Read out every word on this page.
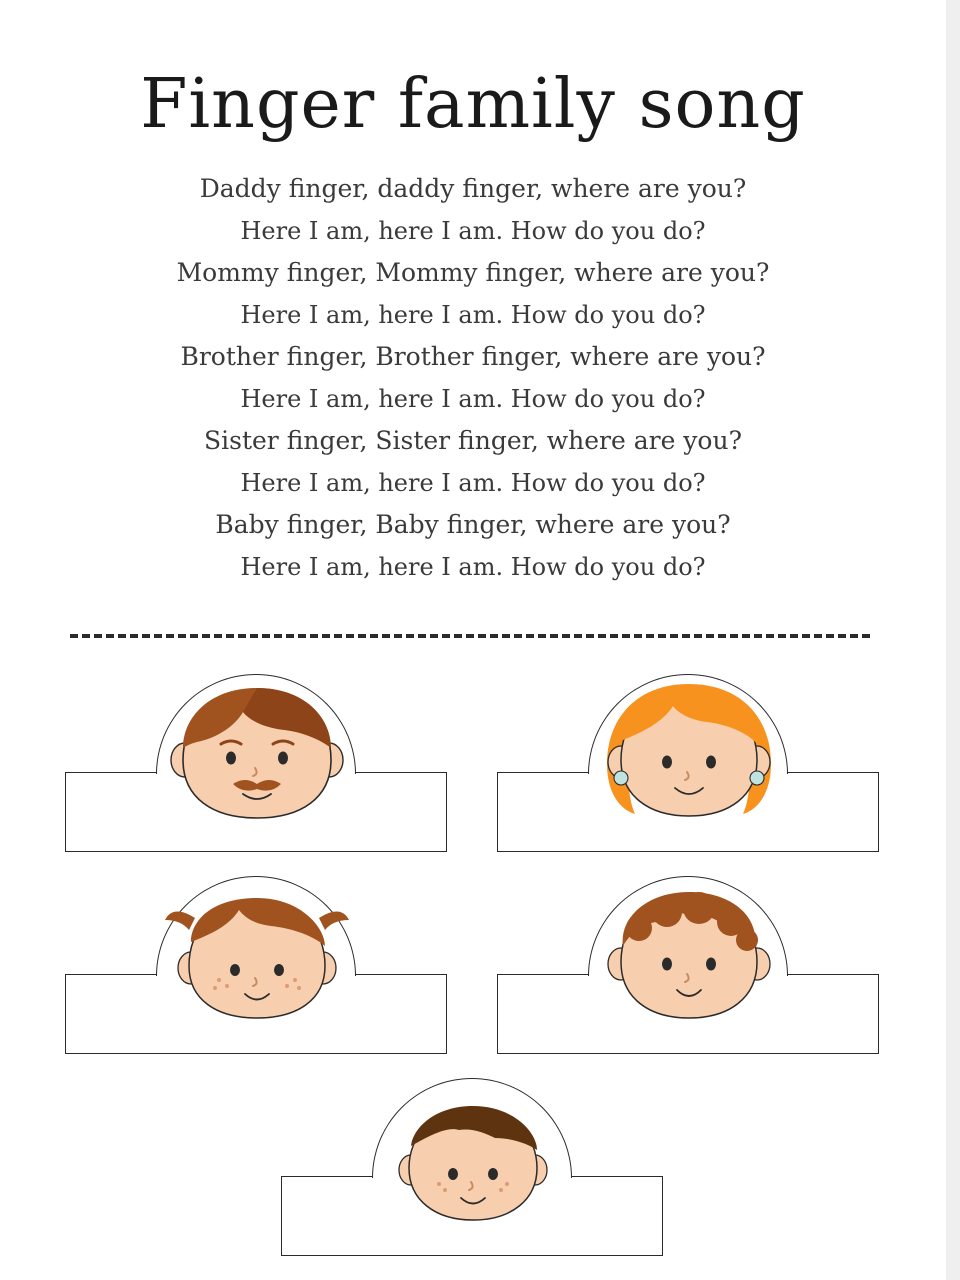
Finger family song
Daddy finger, daddy finger, where are you?
Here I am, here I am. How do you do?
Mommy finger, Mommy finger, where are you?
Here I am, here I am. How do you do?
Brother finger, Brother finger, where are you?
Here I am, here I am. How do you do?
Sister finger, Sister finger, where are you?
Here I am, here I am. How do you do?
Baby finger, Baby finger, where are you?
Here I am, here I am. How do you do?
